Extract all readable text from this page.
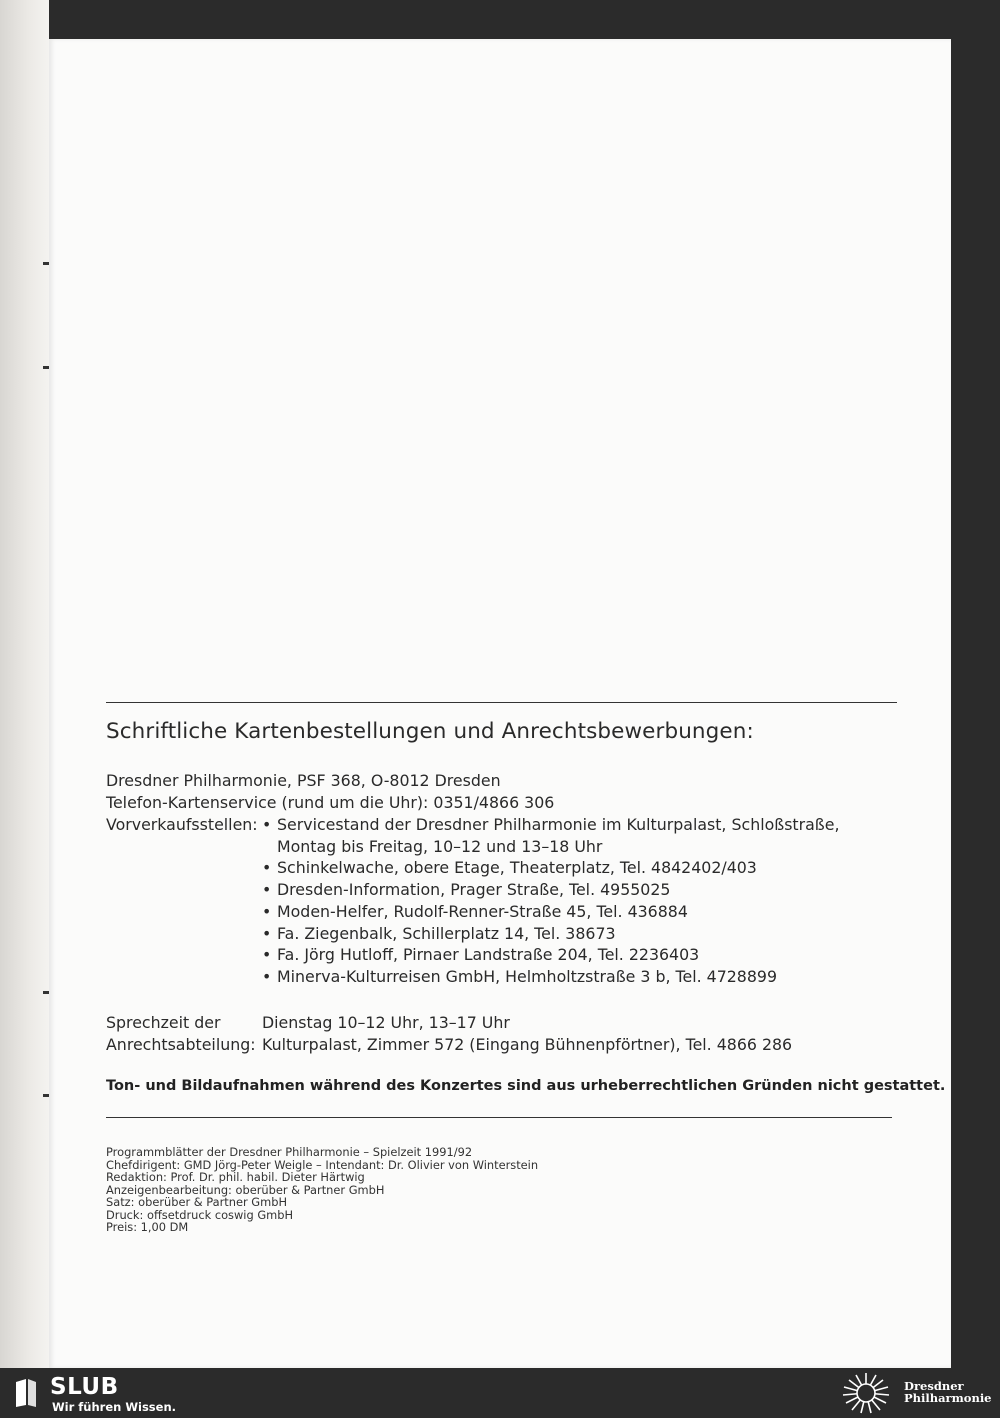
Schriftliche Kartenbestellungen und Anrechtsbewerbungen:
Dresdner Philharmonie, PSF 368, O-8012 Dresden
Telefon-Kartenservice (rund um die Uhr): 0351/4866 306
Vorverkaufsstellen:
•	Servicestand der Dresdner Philharmonie im Kulturpalast, Schloßstraße,
Montag bis Freitag, 10–12 und 13–18 Uhr
• Schinkelwache, obere Etage, Theaterplatz, Tel. 4842402/403
• Dresden-Information, Prager Straße, Tel. 4955025
• Moden-Helfer, Rudolf-Renner-Straße 45, Tel. 436884
• Fa. Ziegenbalk, Schillerplatz 14, Tel. 38673
• Fa. Jörg Hutloff, Pirnaer Landstraße 204, Tel. 2236403
• Minerva-Kulturreisen GmbH, Helmholtzstraße 3 b, Tel. 4728899
Sprechzeit der
Anrechtsabteilung:
Dienstag 10–12 Uhr, 13–17 Uhr
Kulturpalast, Zimmer 572 (Eingang Bühnenpförtner), Tel. 4866 286
Ton- und Bildaufnahmen während des Konzertes sind aus urheberrechtlichen Gründen nicht gestattet.
Programmblätter der Dresdner Philharmonie – Spielzeit 1991/92
Chefdirigent: GMD Jörg-Peter Weigle – Intendant: Dr. Olivier von Winterstein
Redaktion: Prof. Dr. phil. habil. Dieter Härtwig
Anzeigenbearbeitung: oberüber & Partner GmbH
Satz: oberüber & Partner GmbH
Druck: offsetdruck coswig GmbH
Preis: 1,00 DM
SLUB
Wir führen Wissen.
Dresdner
Philharmonie
